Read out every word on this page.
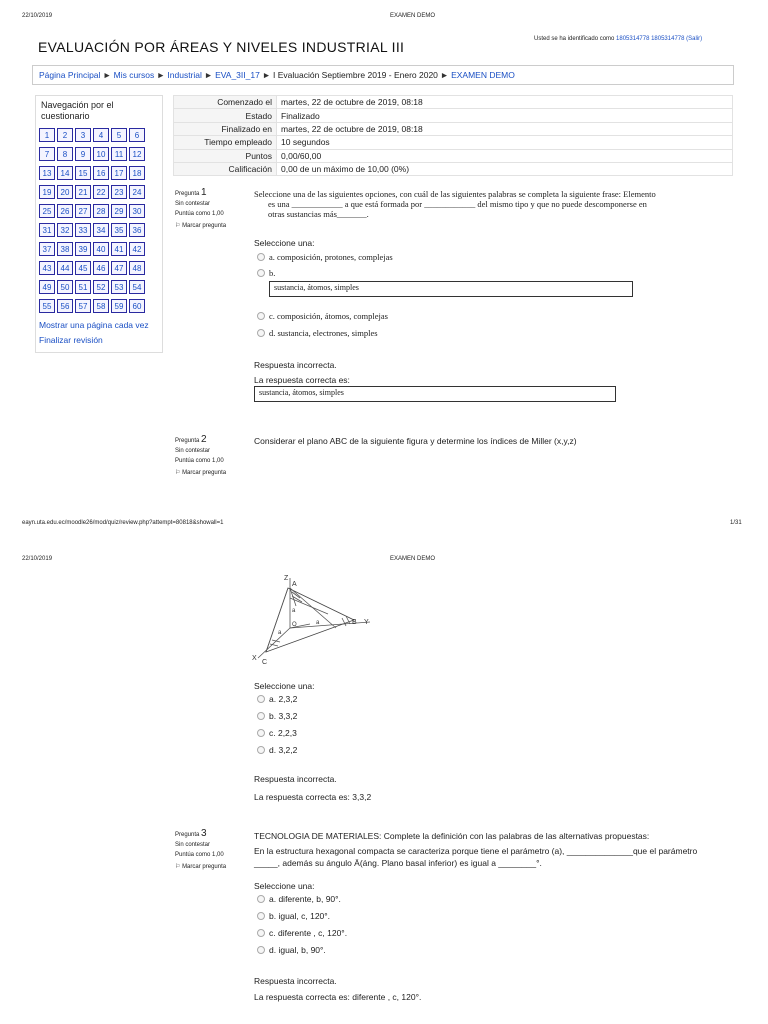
22/10/2019	EXAMEN DEMO
Usted se ha identificado como 1805314778 1805314778 (Salir)
EVALUACIÓN POR ÁREAS Y NIVELES INDUSTRIAL III
Página Principal ► Mis cursos ► Industrial ► EVA_3II_17 ► I Evaluación Septiembre 2019 - Enero 2020 ► EXAMEN DEMO
Navegación por el cuestionario
1	2	3	4	5	6
7	8	9	10	11	12
13	14	15	16	17	18
19	20	21	22	23	24
25	26	27	28	29	30
31	32	33	34	35	36
37	38	39	40	41	42
43	44	45	46	47	48
49	50	51	52	53	54
55	56	57	58	59	60
Mostrar una página cada vez
Finalizar revisión
Comenzado el	martes, 22 de octubre de 2019, 08:18
Estado	Finalizado
Finalizado en	martes, 22 de octubre de 2019, 08:18
Tiempo empleado	10 segundos
Puntos	0,00/60,00
Calificación	0,00 de un máximo de 10,00 (0%)
Pregunta 1
Sin contestar
Puntúa como 1,00
⚐ Marcar pregunta
Seleccione una de las siguientes opciones, con cuál de las siguientes palabras se completa la siguiente frase: Elemento
es una ____________ a que está formada por ____________ del mismo tipo y que no puede descomponerse en
otras sustancias más_______.
Seleccione una:
a. composición, protones, complejas
b.
sustancia, átomos, simples
c. composición, átomos, complejas
d. sustancia, electrones, simples
Respuesta incorrecta.
La respuesta correcta es:
sustancia, átomos, simples
Pregunta 2
Sin contestar
Puntúa como 1,00
⚐ Marcar pregunta
Considerar el plano ABC de la siguiente figura y determine los índices de Miller (x,y,z)
eayn.uta.edu.ec/moodle26/mod/quiz/review.php?attempt=80818&showall=1	1/31
22/10/2019	EXAMEN DEMO
Z
A
a
O	a
a
B Y
X
C
Seleccione una:
a. 2,3,2
b. 3,3,2
c. 2,2,3
d. 3,2,2
Respuesta incorrecta.
La respuesta correcta es: 3,3,2
Pregunta 3
Sin contestar
Puntúa como 1,00
⚐ Marcar pregunta
TECNOLOGIA DE MATERIALES: Complete la definición con las palabras de las alternativas propuestas:
En la estructura hexagonal compacta se caracteriza porque tiene el parámetro (a), ______________que el parámetro
_____, además su ángulo Ä(áng. Plano basal inferior) es igual a ________°.
Seleccione una:
a. diferente, b, 90°.
b. igual, c, 120°.
c. diferente , c, 120°.
d. igual, b, 90°.
Respuesta incorrecta.
La respuesta correcta es: diferente , c, 120°.
